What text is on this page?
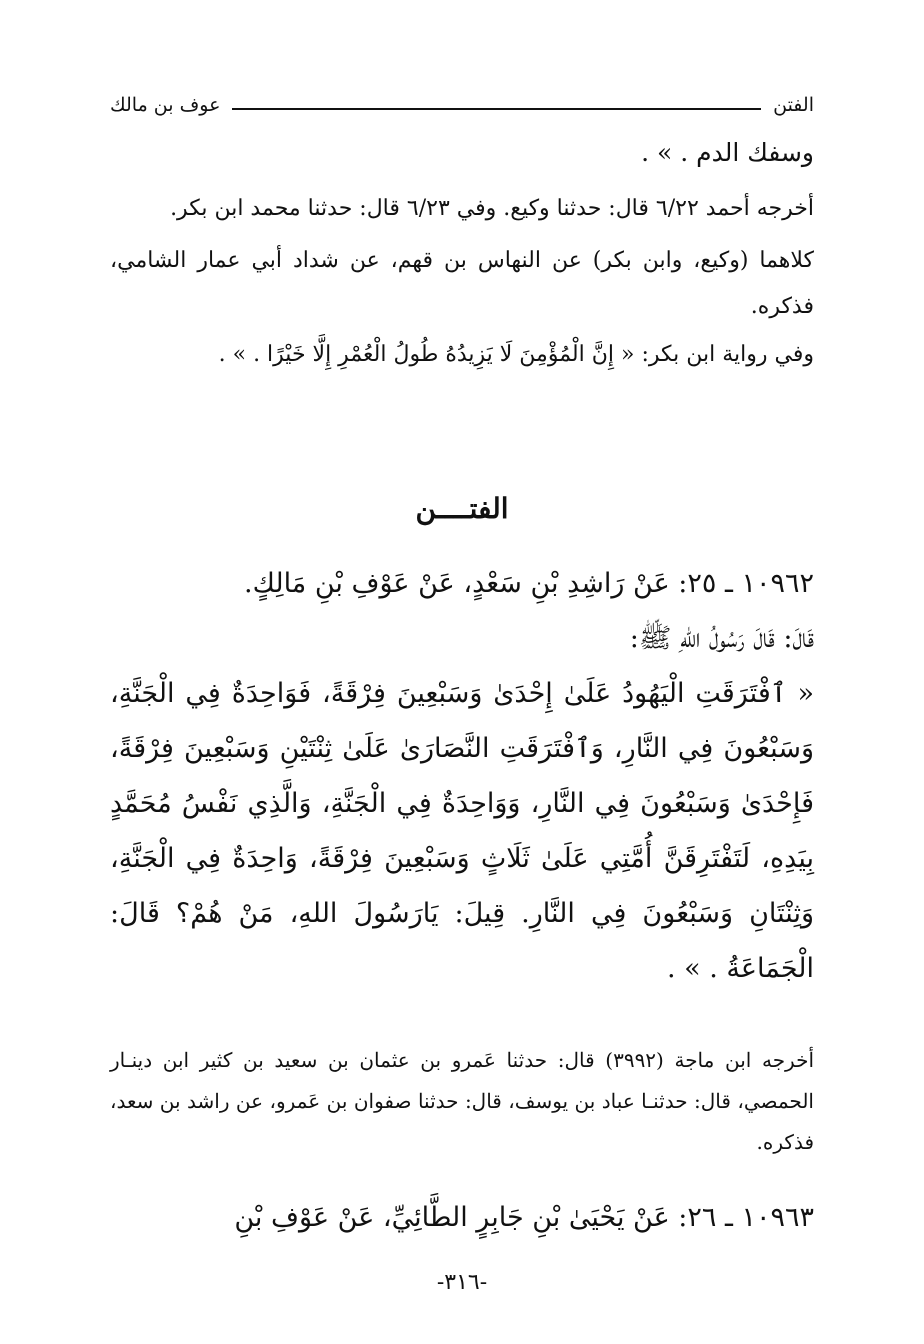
الفتن
عوف بن مالك

وسفك الدم . » .

أخرجه أحمد ٦/٢٢ قال: حدثنا وكيع. وفي ٦/٢٣ قال: حدثنا محمد ابن بكر.

كلاهما (وكيع، وابن بكر) عن النهاس بن قهم، عن شداد أبي عمار الشامي، فذكره.

وفي رواية ابن بكر: « إِنَّ الْمُؤْمِنَ لَا يَزِيدُهُ طُولُ الْعُمْرِ إِلَّا خَيْرًا . » .

الفتــــن

١٠٩٦٢ ـ ٢٥: عَنْ رَاشِدِ بْنِ سَعْدٍ، عَنْ عَوْفِ بْنِ مَالِكٍ.

قَالَ: قَالَ رَسُولُ اللهِ ﷺ:

« ٱفْتَرَقَتِ الْيَهُودُ عَلَىٰ إِحْدَىٰ وَسَبْعِينَ فِرْقَةً، فَوَاحِدَةٌ فِي الْجَنَّةِ، وَسَبْعُونَ فِي النَّارِ، وَٱفْتَرَقَتِ النَّصَارَىٰ عَلَىٰ ثِنْتَيْنِ وَسَبْعِينَ فِرْقَةً، فَإِحْدَىٰ وَسَبْعُونَ فِي النَّارِ، وَوَاحِدَةٌ فِي الْجَنَّةِ، وَالَّذِي نَفْسُ مُحَمَّدٍ بِيَدِهِ، لَتَفْتَرِقَنَّ أُمَّتِي عَلَىٰ ثَلَاثٍ وَسَبْعِينَ فِرْقَةً، وَاحِدَةٌ فِي الْجَنَّةِ، وَثِنْتَانِ وَسَبْعُونَ فِي النَّارِ. قِيلَ: يَارَسُولَ اللهِ، مَنْ هُمْ؟ قَالَ: الْجَمَاعَةُ . » .

أخرجه ابن ماجة (٣٩٩٢) قال: حدثنا عَمرو بن عثمان بن سعيد بن كثير ابن دينـار الحمصي، قال: حدثنـا عباد بن يوسف، قال: حدثنا صفوان بن عَمرو، عن راشد بن سعد، فذكره.

١٠٩٦٣ ـ ٢٦: عَنْ يَحْيَىٰ بْنِ جَابِرٍ الطَّائِيِّ، عَنْ عَوْفِ بْنِ

-٣١٦-
